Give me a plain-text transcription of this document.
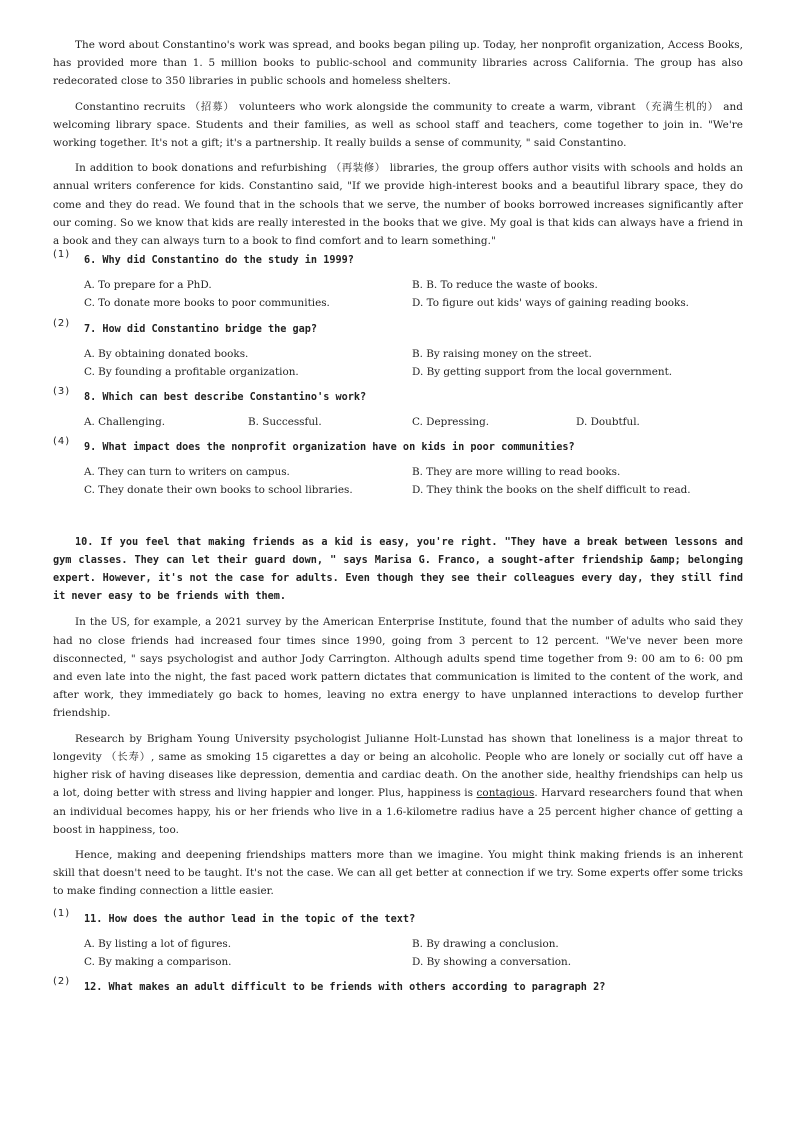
The word about Constantino's work was spread, and books began piling up. Today, her nonprofit organization, Access Books, has provided more than 1. 5 million books to public-school and community libraries across California. The group has also redecorated close to 350 libraries in public schools and homeless shelters.

Constantino recruits （招募） volunteers who work alongside the community to create a warm, vibrant （充满生机的） and welcoming library space. Students and their families, as well as school staff and teachers, come together to join in. "We're working together. It's not a gift; it's a partnership. It really builds a sense of community, " said Constantino.

In addition to book donations and refurbishing （再装修） libraries, the group offers author visits with schools and holds an annual writers conference for kids. Constantino said, "If we provide high-interest books and a beautiful library space, they do come and they do read. We found that in the schools that we serve, the number of books borrowed increases significantly after our coming. So we know that kids are really interested in the books that we give. My goal is that kids can always have a friend in a book and they can always turn to a book to find comfort and to learn something."

(1)
6. Why did Constantino do the study in 1999?
A. To prepare for a PhD.	B. B. To reduce the waste of books.
C. To donate more books to poor communities.	D. To figure out kids' ways of gaining reading books.
(2)
7. How did Constantino bridge the gap?
A. By obtaining donated books.	B. By raising money on the street.
C. By founding a profitable organization.	D. By getting support from the local government.
(3)
8. Which can best describe Constantino's work?
A. Challenging.	B. Successful.	C. Depressing.	D. Doubtful.
(4)
9. What impact does the nonprofit organization have on kids in poor communities?
A. They can turn to writers on campus.	B. They are more willing to read books.
C. They donate their own books to school libraries.	D. They think the books on the shelf difficult to read.

10. If you feel that making friends as a kid is easy, you're right. "They have a break between lessons and gym classes. They can let their guard down, " says Marisa G. Franco, a sought-after friendship &amp; belonging expert. However, it's not the case for adults. Even though they see their colleagues every day, they still find it never easy to be friends with them.

In the US, for example, a 2021 survey by the American Enterprise Institute, found that the number of adults who said they had no close friends had increased four times since 1990, going from 3 percent to 12 percent. "We've never been more disconnected, " says psychologist and author Jody Carrington. Although adults spend time together from 9: 00 am to 6: 00 pm and even late into the night, the fast paced work pattern dictates that communication is limited to the content of the work, and after work, they immediately go back to homes, leaving no extra energy to have unplanned interactions to develop further friendship.

Research by Brigham Young University psychologist Julianne Holt-Lunstad has shown that loneliness is a major threat to longevity （长寿）, same as smoking 15 cigarettes a day or being an alcoholic. People who are lonely or socially cut off have a higher risk of having diseases like depression, dementia and cardiac death. On the another side, healthy friendships can help us a lot, doing better with stress and living happier and longer. Plus, happiness is contagious. Harvard researchers found that when an individual becomes happy, his or her friends who live in a 1.6-kilometre radius have a 25 percent higher chance of getting a boost in happiness, too.

Hence, making and deepening friendships matters more than we imagine. You might think making friends is an inherent skill that doesn't need to be taught. It's not the case. We can all get better at connection if we try. Some experts offer some tricks to make finding connection a little easier.

(1)
11. How does the author lead in the topic of the text?
A. By listing a lot of figures.	B. By drawing a conclusion.
C. By making a comparison.	D. By showing a conversation.
(2)
12. What makes an adult difficult to be friends with others according to paragraph 2?
